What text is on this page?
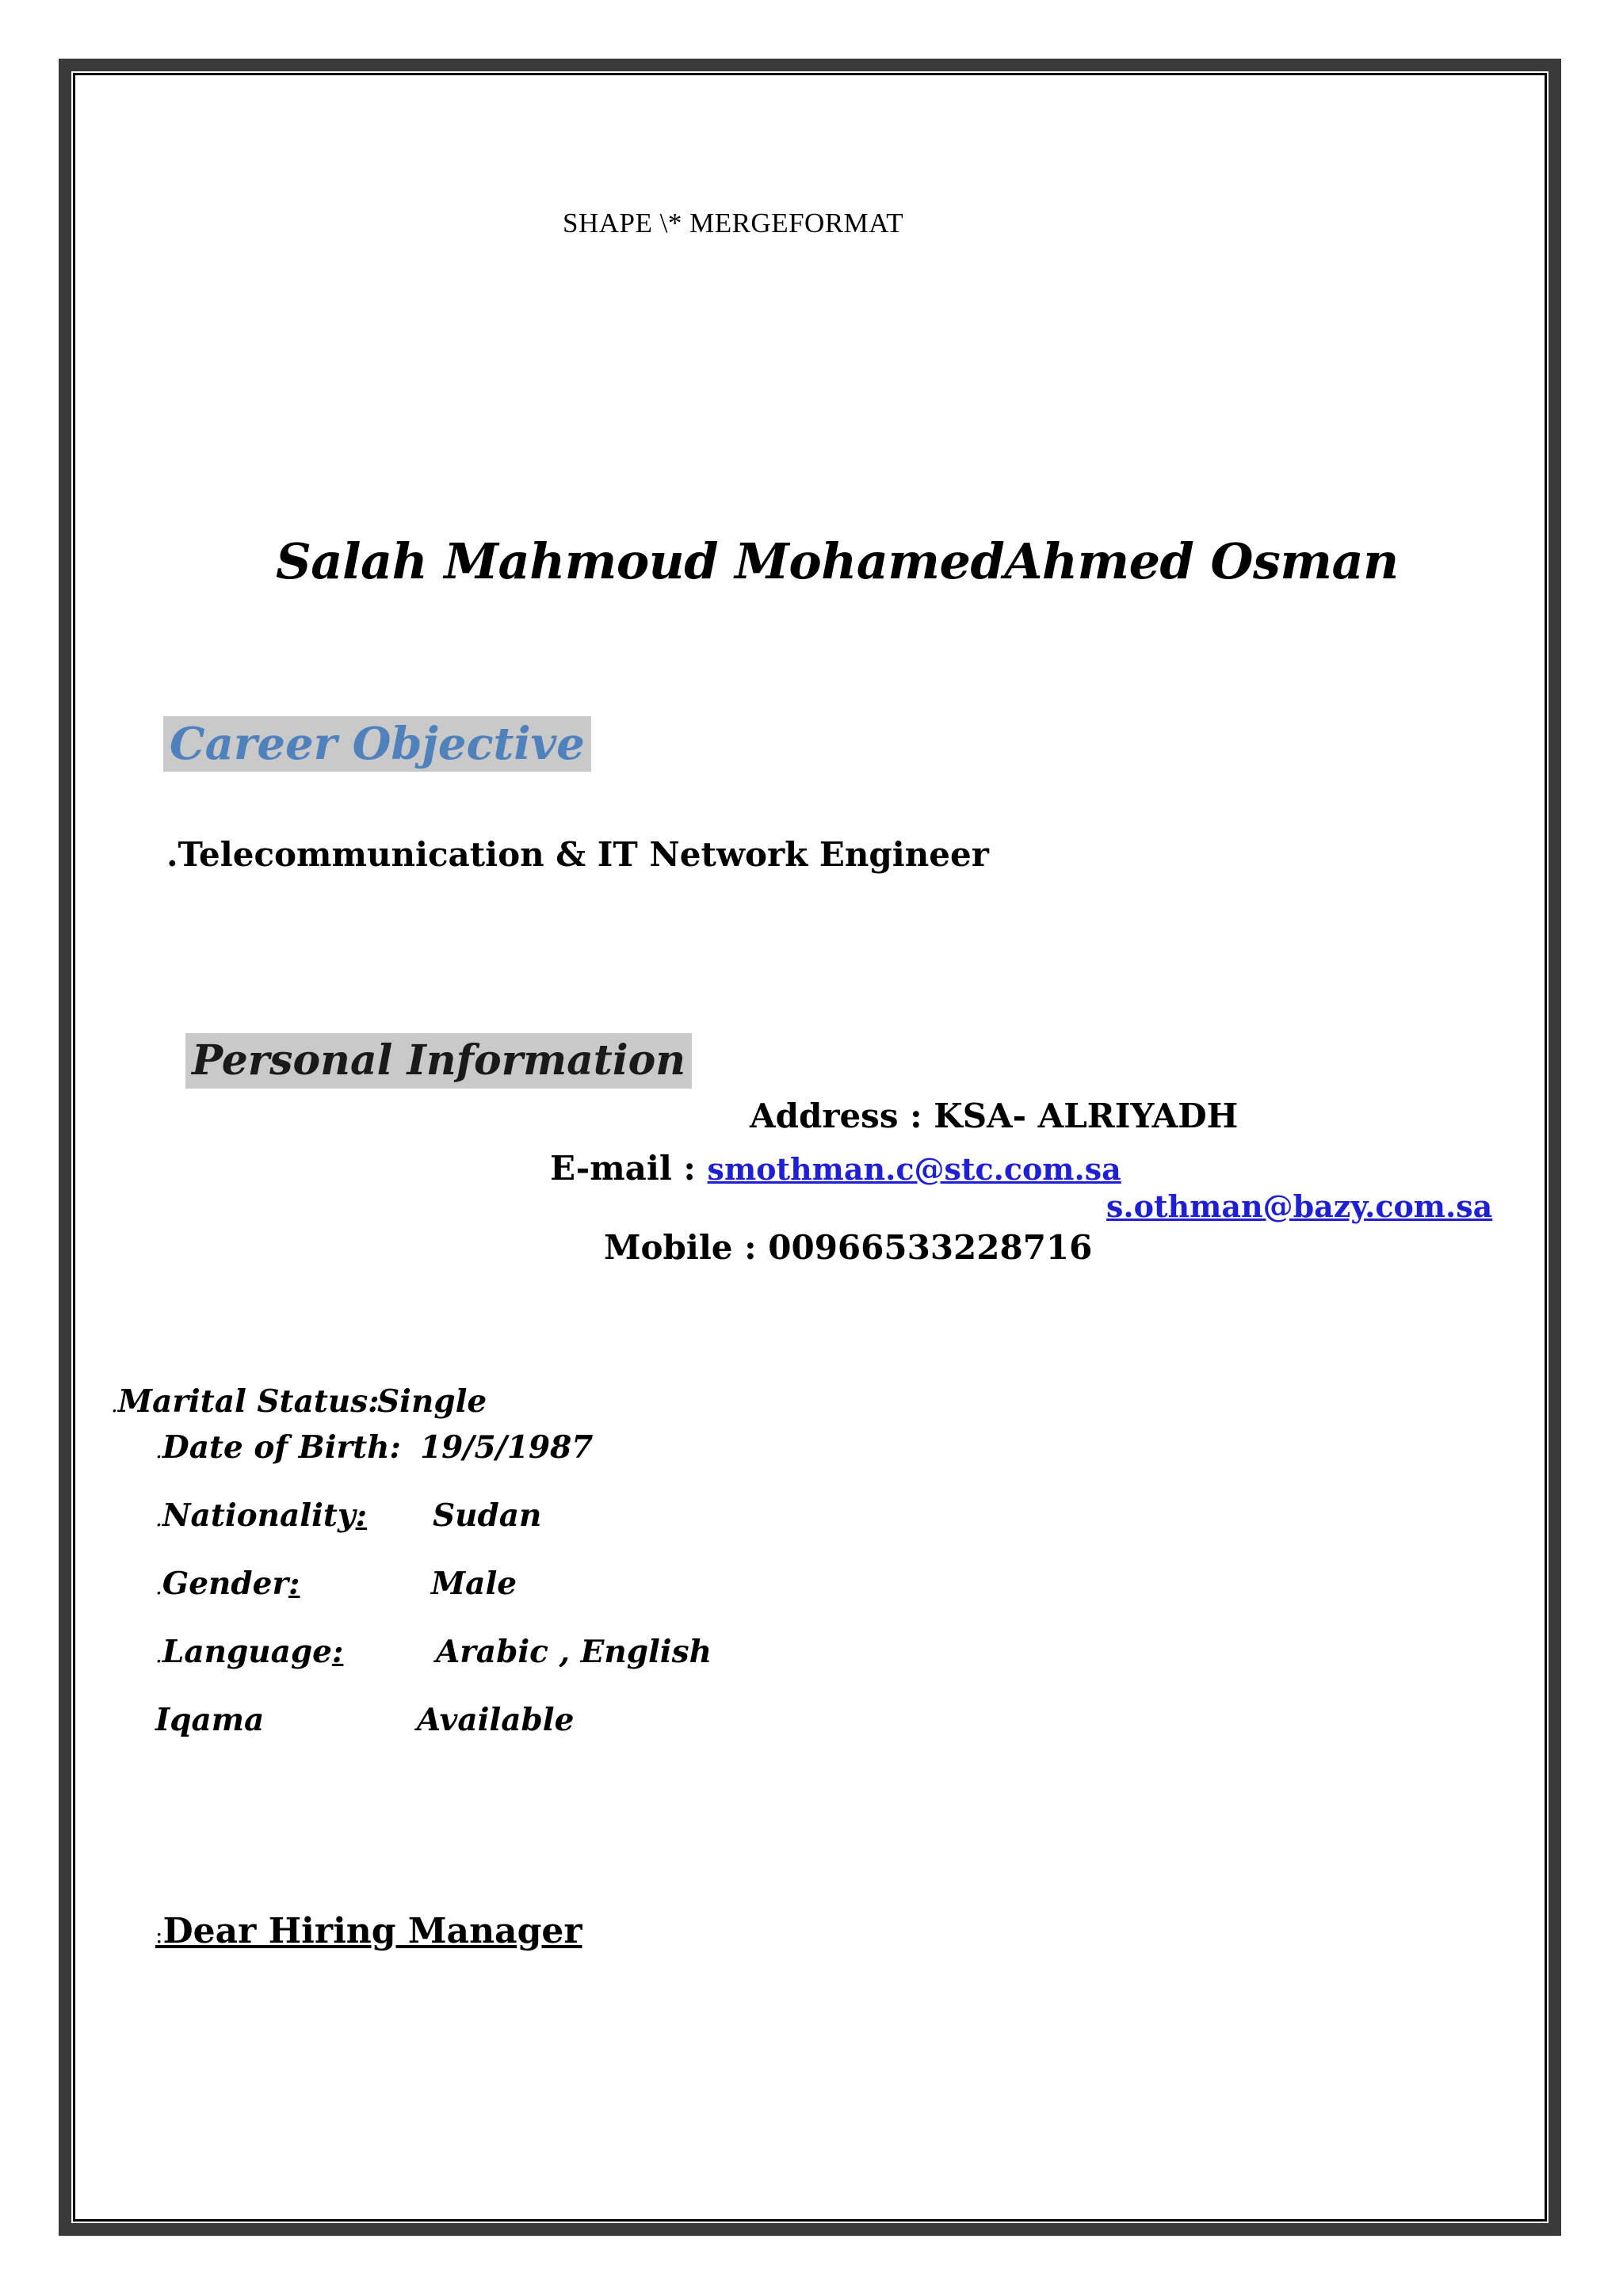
SHAPE \* MERGEFORMAT
Salah Mahmoud MohamedAhmed Osman
Career Objective
.Telecommunication & IT Network Engineer
Personal Information
Address : KSA- ALRIYADH
E-mail : smothman.c@stc.com.sa
s.othman@bazy.com.sa
Mobile : 00966533228716
.Marital Status:
Single
.Date of Birth: 19/5/1987
.Nationality: Sudan
.Gender:	Male
.Language:	Arabic , English
Iqama	Available
:Dear Hiring Manager
